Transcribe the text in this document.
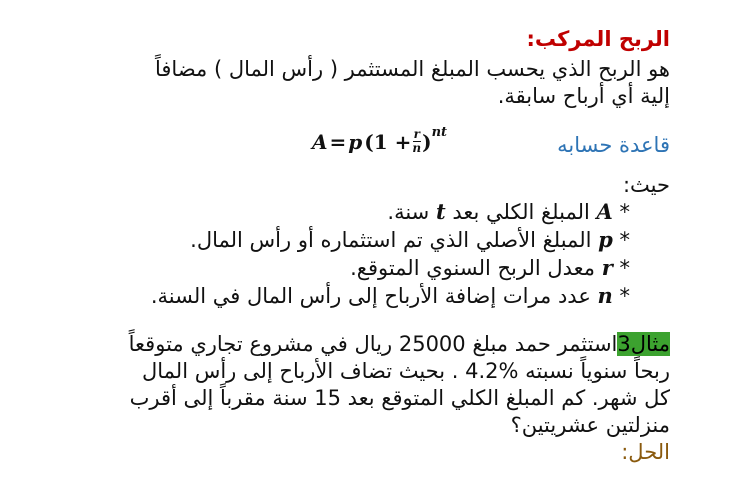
الربح المركب:
هو الربح الذي يحسب المبلغ المستثمر ( رأس المال ) مضافاً
إلية أي أرباح سابقة.
قاعدة حسابه
A = p ($1 + \frac{r}{n}$ ) nt
حيث:
* A المبلغ الكلي بعد t سنة.
* p المبلغ الأصلي الذي تم استثماره أو رأس المال.
* r معدل الربح السنوي المتوقع.
* n عدد مرات إضافة الأرباح إلى رأس المال في السنة.
مثال3استثمر حمد مبلغ 25000 ريال في مشروع تجاري متوقعاً
ربحاً سنوياً نسبته %4.2 . بحيث تضاف الأرباح إلى رأس المال
كل شهر. كم المبلغ الكلي المتوقع بعد 15 سنة مقرباً إلى أقرب
منزلتين عشريتين؟
الحل:
